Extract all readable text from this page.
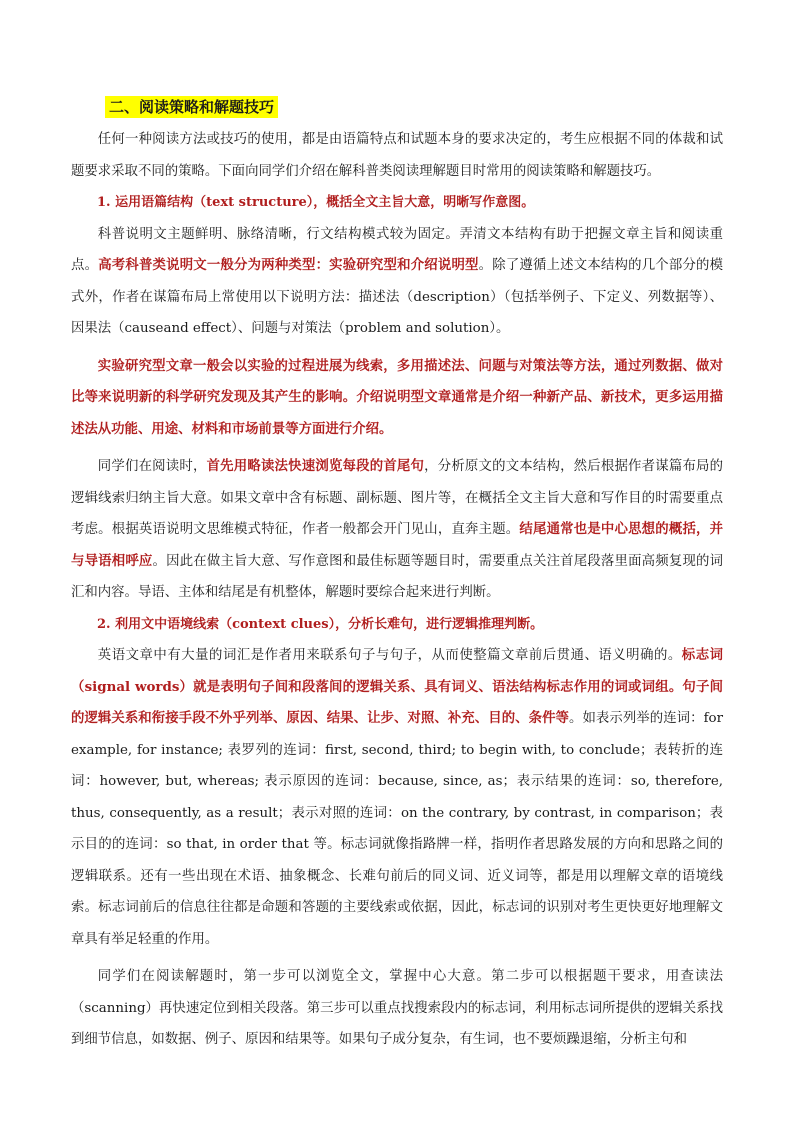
二、阅读策略和解题技巧

任何一种阅读方法或技巧的使用，都是由语篇特点和试题本身的要求决定的，考生应根据不同的体裁和试题要求采取不同的策略。下面向同学们介绍在解科普类阅读理解题目时常用的阅读策略和解题技巧。

1. 运用语篇结构（text structure），概括全文主旨大意，明晰写作意图。

科普说明文主题鲜明、脉络清晰，行文结构模式较为固定。弄清文本结构有助于把握文章主旨和阅读重点。高考科普类说明文一般分为两种类型：实验研究型和介绍说明型。除了遵循上述文本结构的几个部分的模式外，作者在谋篇布局上常使用以下说明方法：描述法（description）（包括举例子、下定义、列数据等）、因果法（causeand effect）、问题与对策法（problem and solution）。

实验研究型文章一般会以实验的过程进展为线索，多用描述法、问题与对策法等方法，通过列数据、做对比等来说明新的科学研究发现及其产生的影响。介绍说明型文章通常是介绍一种新产品、新技术，更多运用描述法从功能、用途、材料和市场前景等方面进行介绍。

同学们在阅读时，首先用略读法快速浏览每段的首尾句，分析原文的文本结构，然后根据作者谋篇布局的逻辑线索归纳主旨大意。如果文章中含有标题、副标题、图片等，在概括全文主旨大意和写作目的时需要重点考虑。根据英语说明文思维模式特征，作者一般都会开门见山，直奔主题。结尾通常也是中心思想的概括，并与导语相呼应。因此在做主旨大意、写作意图和最佳标题等题目时，需要重点关注首尾段落里面高频复现的词汇和内容。导语、主体和结尾是有机整体，解题时要综合起来进行判断。

2. 利用文中语境线索（context clues），分析长难句，进行逻辑推理判断。

英语文章中有大量的词汇是作者用来联系句子与句子，从而使整篇文章前后贯通、语义明确的。标志词（signal words）就是表明句子间和段落间的逻辑关系、具有词义、语法结构标志作用的词或词组。句子间的逻辑关系和衔接手段不外乎列举、原因、结果、让步、对照、补充、目的、条件等。如表示列举的连词：for example, for instance; 表罗列的连词：first, second, third; to begin with, to conclude；表转折的连词：however, but, whereas; 表示原因的连词：because, since, as；表示结果的连词：so, therefore, thus, consequently, as a result；表示对照的连词：on the contrary, by contrast, in comparison；表示目的的连词：so that, in order that 等。标志词就像指路牌一样，指明作者思路发展的方向和思路之间的逻辑联系。还有一些出现在术语、抽象概念、长难句前后的同义词、近义词等，都是用以理解文章的语境线索。标志词前后的信息往往都是命题和答题的主要线索或依据，因此，标志词的识别对考生更快更好地理解文章具有举足轻重的作用。

同学们在阅读解题时，第一步可以浏览全文，掌握中心大意。第二步可以根据题干要求，用查读法（scanning）再快速定位到相关段落。第三步可以重点找搜索段内的标志词，利用标志词所提供的逻辑关系找到细节信息，如数据、例子、原因和结果等。如果句子成分复杂，有生词，也不要烦躁退缩，分析主句和
